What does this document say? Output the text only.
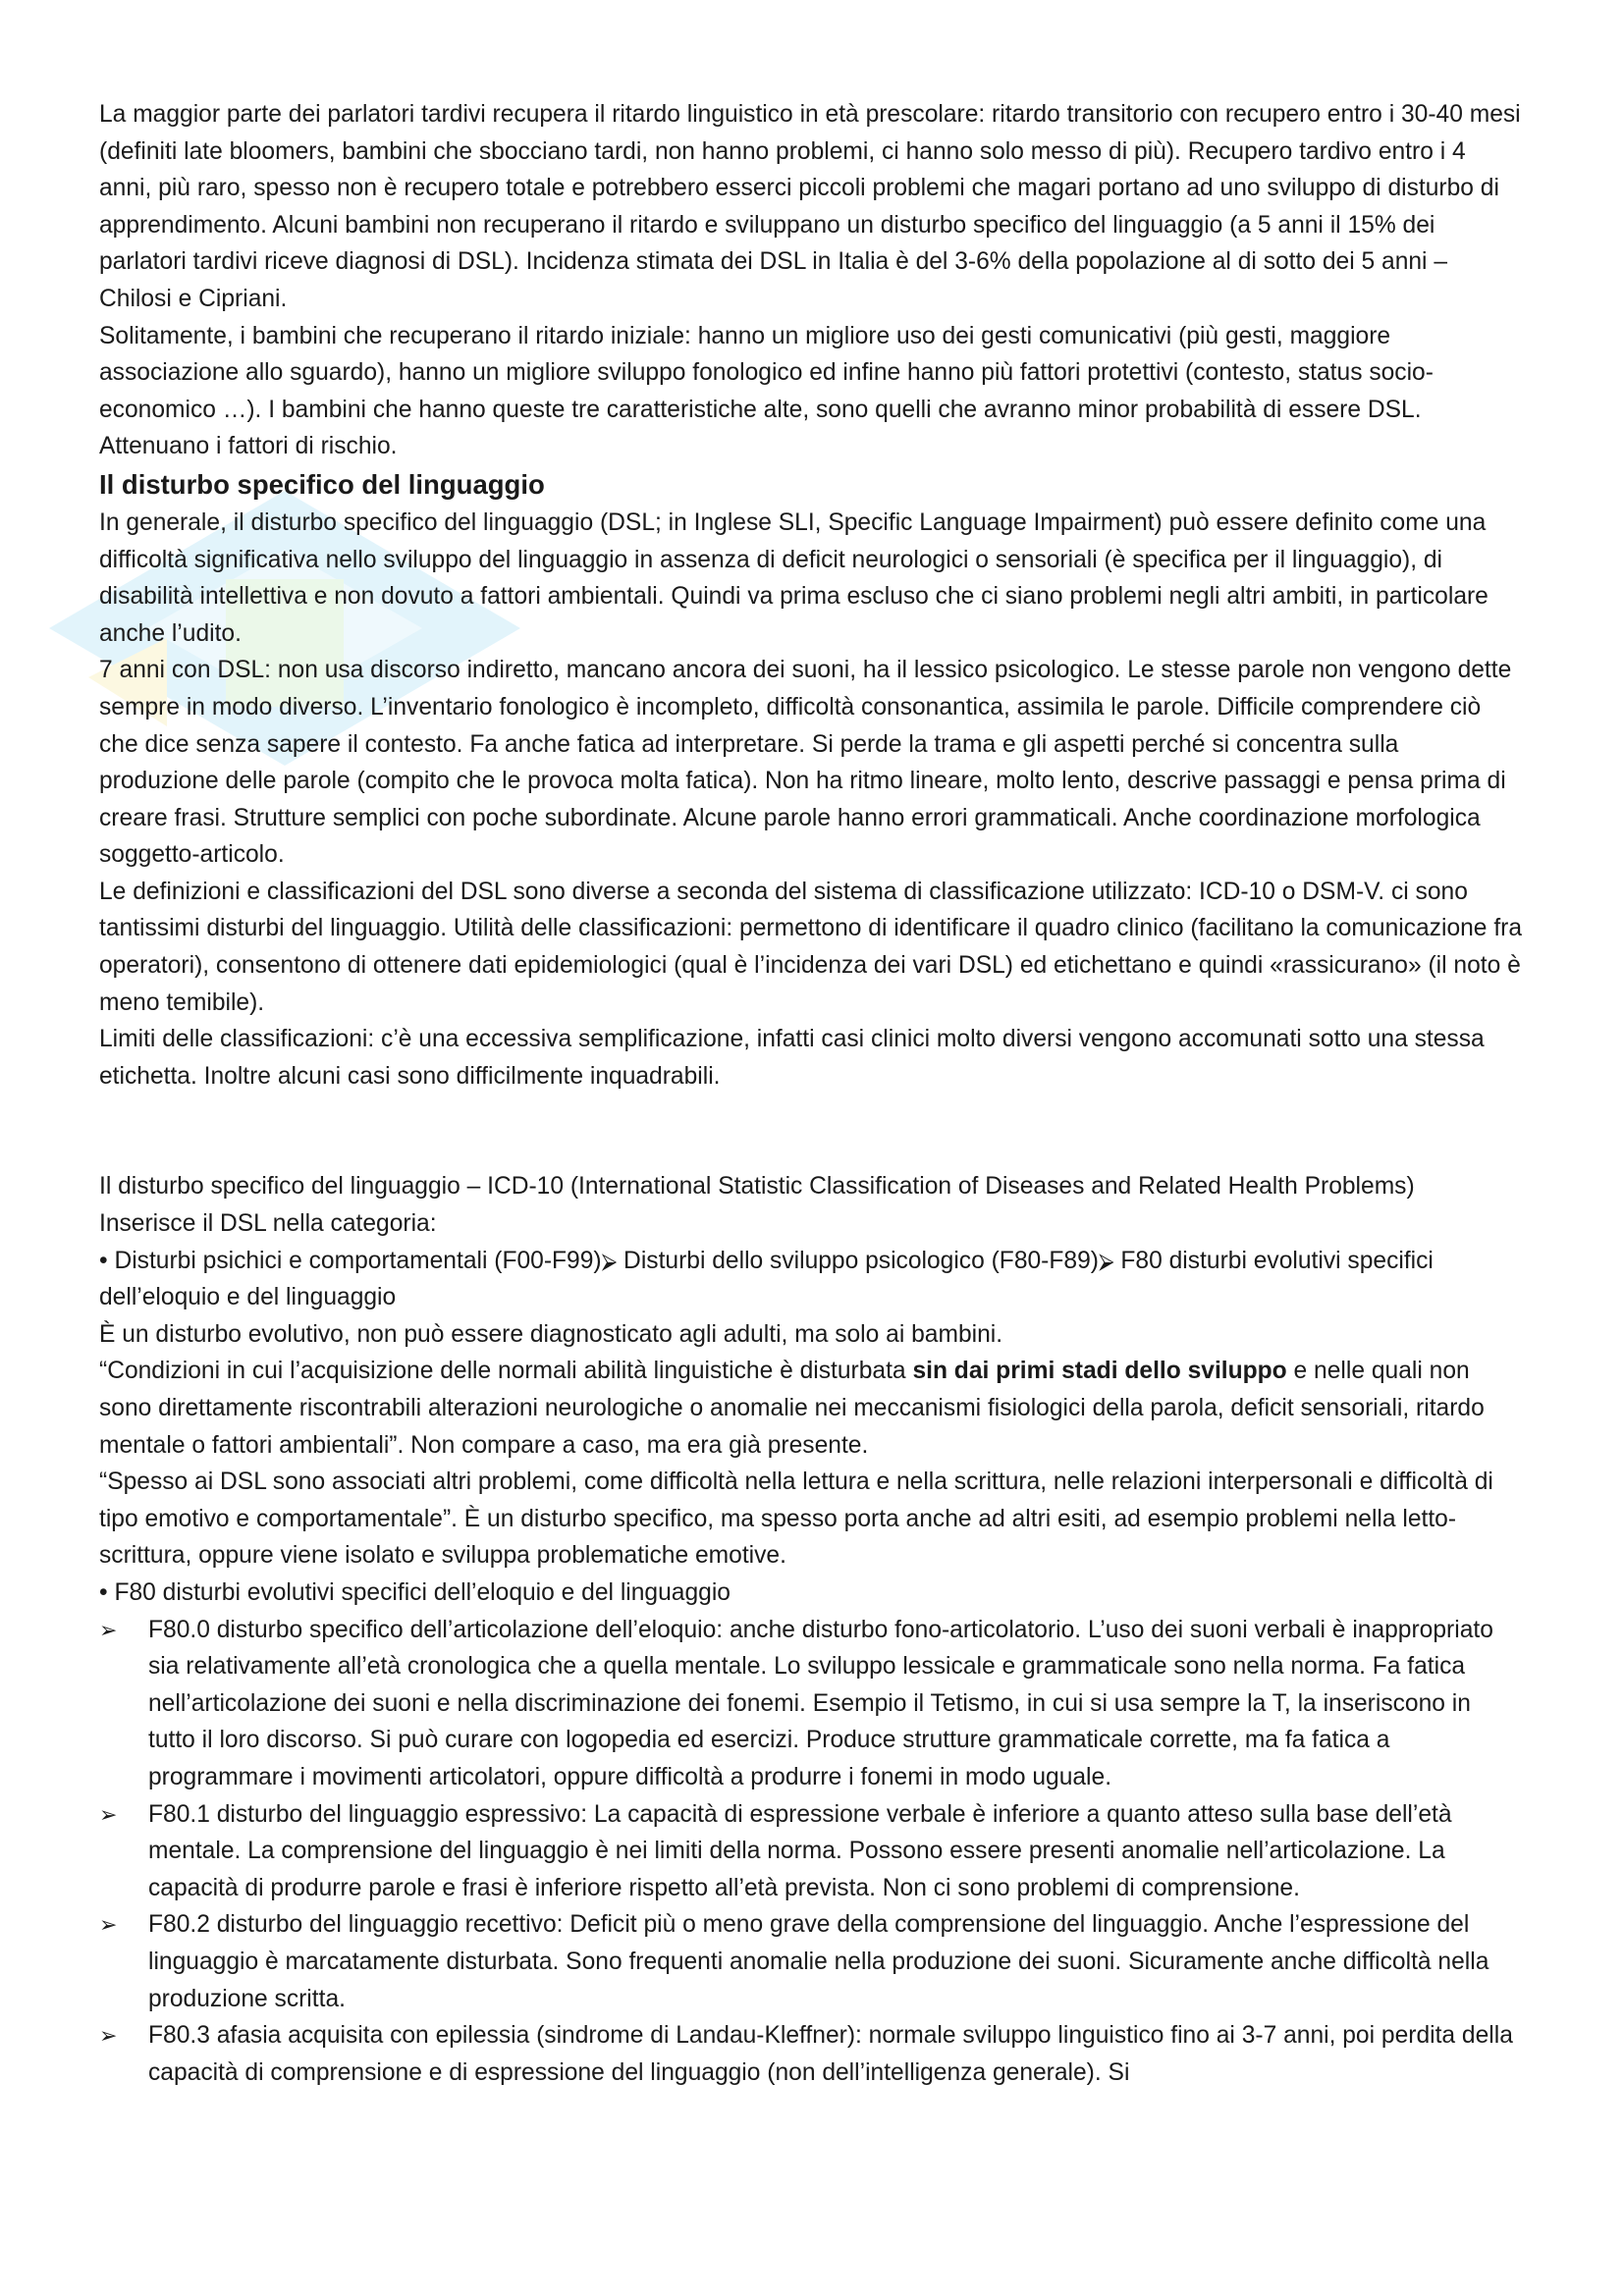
La maggior parte dei parlatori tardivi recupera il ritardo linguistico in età prescolare: ritardo transitorio con recupero entro i 30-40 mesi (definiti late bloomers, bambini che sbocciano tardi, non hanno problemi, ci hanno solo messo di più). Recupero tardivo entro i 4 anni, più raro, spesso non è recupero totale e potrebbero esserci piccoli problemi che magari portano ad uno sviluppo di disturbo di apprendimento. Alcuni bambini non recuperano il ritardo e sviluppano un disturbo specifico del linguaggio (a 5 anni il 15% dei parlatori tardivi riceve diagnosi di DSL). Incidenza stimata dei DSL in Italia è del 3-6% della popolazione al di sotto dei 5 anni – Chilosi e Cipriani.

Solitamente, i bambini che recuperano il ritardo iniziale: hanno un migliore uso dei gesti comunicativi (più gesti, maggiore associazione allo sguardo), hanno un migliore sviluppo fonologico ed infine hanno più fattori protettivi (contesto, status socio-economico …). I bambini che hanno queste tre caratteristiche alte, sono quelli che avranno minor probabilità di essere DSL. Attenuano i fattori di rischio.

Il disturbo specifico del linguaggio

In generale, il disturbo specifico del linguaggio (DSL; in Inglese SLI, Specific Language Impairment) può essere definito come una difficoltà significativa nello sviluppo del linguaggio in assenza di deficit neurologici o sensoriali (è specifica per il linguaggio), di disabilità intellettiva e non dovuto a fattori ambientali. Quindi va prima escluso che ci siano problemi negli altri ambiti, in particolare anche l’udito.

7 anni con DSL: non usa discorso indiretto, mancano ancora dei suoni, ha il lessico psicologico. Le stesse parole non vengono dette sempre in modo diverso. L’inventario fonologico è incompleto, difficoltà consonantica, assimila le parole. Difficile comprendere ciò che dice senza sapere il contesto. Fa anche fatica ad interpretare. Si perde la trama e gli aspetti perché si concentra sulla produzione delle parole (compito che le provoca molta fatica). Non ha ritmo lineare, molto lento, descrive passaggi e pensa prima di creare frasi. Strutture semplici con poche subordinate. Alcune parole hanno errori grammaticali. Anche coordinazione morfologica soggetto-articolo.

Le definizioni e classificazioni del DSL sono diverse a seconda del sistema di classificazione utilizzato: ICD-10 o DSM-V. ci sono tantissimi disturbi del linguaggio. Utilità delle classificazioni: permettono di identificare il quadro clinico (facilitano la comunicazione fra operatori), consentono di ottenere dati epidemiologici (qual è l’incidenza dei vari DSL) ed etichettano e quindi «rassicurano» (il noto è meno temibile).

Limiti delle classificazioni: c’è una eccessiva semplificazione, infatti casi clinici molto diversi vengono accomunati sotto una stessa etichetta. Inoltre alcuni casi sono difficilmente inquadrabili.

Il disturbo specifico del linguaggio – ICD-10 (International Statistic Classification of Diseases and Related Health Problems)

Inserisce il DSL nella categoria:

• Disturbi psichici e comportamentali (F00-F99)⮚ Disturbi dello sviluppo psicologico (F80-F89)⮚ F80 disturbi evolutivi specifici dell’eloquio e del linguaggio

È un disturbo evolutivo, non può essere diagnosticato agli adulti, ma solo ai bambini.

“Condizioni in cui l’acquisizione delle normali abilità linguistiche è disturbata sin dai primi stadi dello sviluppo e nelle quali non sono direttamente riscontrabili alterazioni neurologiche o anomalie nei meccanismi fisiologici della parola, deficit sensoriali, ritardo mentale o fattori ambientali”. Non compare a caso, ma era già presente.

“Spesso ai DSL sono associati altri problemi, come difficoltà nella lettura e nella scrittura, nelle relazioni interpersonali e difficoltà di tipo emotivo e comportamentale”. È un disturbo specifico, ma spesso porta anche ad altri esiti, ad esempio problemi nella letto-scrittura, oppure viene isolato e sviluppa problematiche emotive.

• F80 disturbi evolutivi specifici dell’eloquio e del linguaggio

➢ F80.0 disturbo specifico dell’articolazione dell’eloquio: anche disturbo fono-articolatorio. L’uso dei suoni verbali è inappropriato sia relativamente all’età cronologica che a quella mentale. Lo sviluppo lessicale e grammaticale sono nella norma. Fa fatica nell’articolazione dei suoni e nella discriminazione dei fonemi. Esempio il Tetismo, in cui si usa sempre la T, la inseriscono in tutto il loro discorso. Si può curare con logopedia ed esercizi. Produce strutture grammaticale corrette, ma fa fatica a programmare i movimenti articolatori, oppure difficoltà a produrre i fonemi in modo uguale.

➢ F80.1 disturbo del linguaggio espressivo: La capacità di espressione verbale è inferiore a quanto atteso sulla base dell’età mentale. La comprensione del linguaggio è nei limiti della norma. Possono essere presenti anomalie nell’articolazione. La capacità di produrre parole e frasi è inferiore rispetto all’età prevista. Non ci sono problemi di comprensione.

➢ F80.2 disturbo del linguaggio recettivo: Deficit più o meno grave della comprensione del linguaggio. Anche l’espressione del linguaggio è marcatamente disturbata. Sono frequenti anomalie nella produzione dei suoni. Sicuramente anche difficoltà nella produzione scritta.

➢ F80.3 afasia acquisita con epilessia (sindrome di Landau-Kleffner): normale sviluppo linguistico fino ai 3-7 anni, poi perdita della capacità di comprensione e di espressione del linguaggio (non dell’intelligenza generale). Si
